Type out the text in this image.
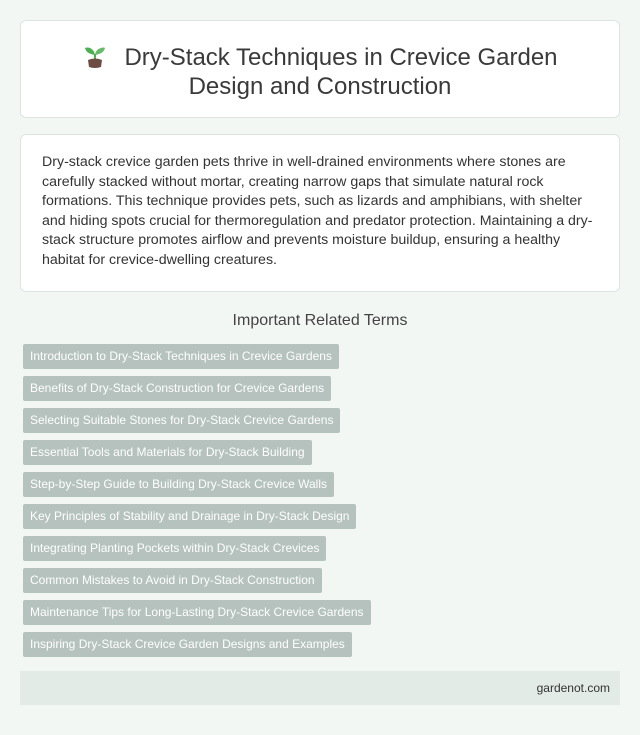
Dry-Stack Techniques in Crevice Garden Design and Construction

Dry-stack crevice garden pets thrive in well-drained environments where stones are carefully stacked without mortar, creating narrow gaps that simulate natural rock formations. This technique provides pets, such as lizards and amphibians, with shelter and hiding spots crucial for thermoregulation and predator protection. Maintaining a dry-stack structure promotes airflow and prevents moisture buildup, ensuring a healthy habitat for crevice-dwelling creatures.

Important Related Terms
Introduction to Dry-Stack Techniques in Crevice Gardens
Benefits of Dry-Stack Construction for Crevice Gardens
Selecting Suitable Stones for Dry-Stack Crevice Gardens
Essential Tools and Materials for Dry-Stack Building
Step-by-Step Guide to Building Dry-Stack Crevice Walls
Key Principles of Stability and Drainage in Dry-Stack Design
Integrating Planting Pockets within Dry-Stack Crevices
Common Mistakes to Avoid in Dry-Stack Construction
Maintenance Tips for Long-Lasting Dry-Stack Crevice Gardens
Inspiring Dry-Stack Crevice Garden Designs and Examples
gardenot.com
